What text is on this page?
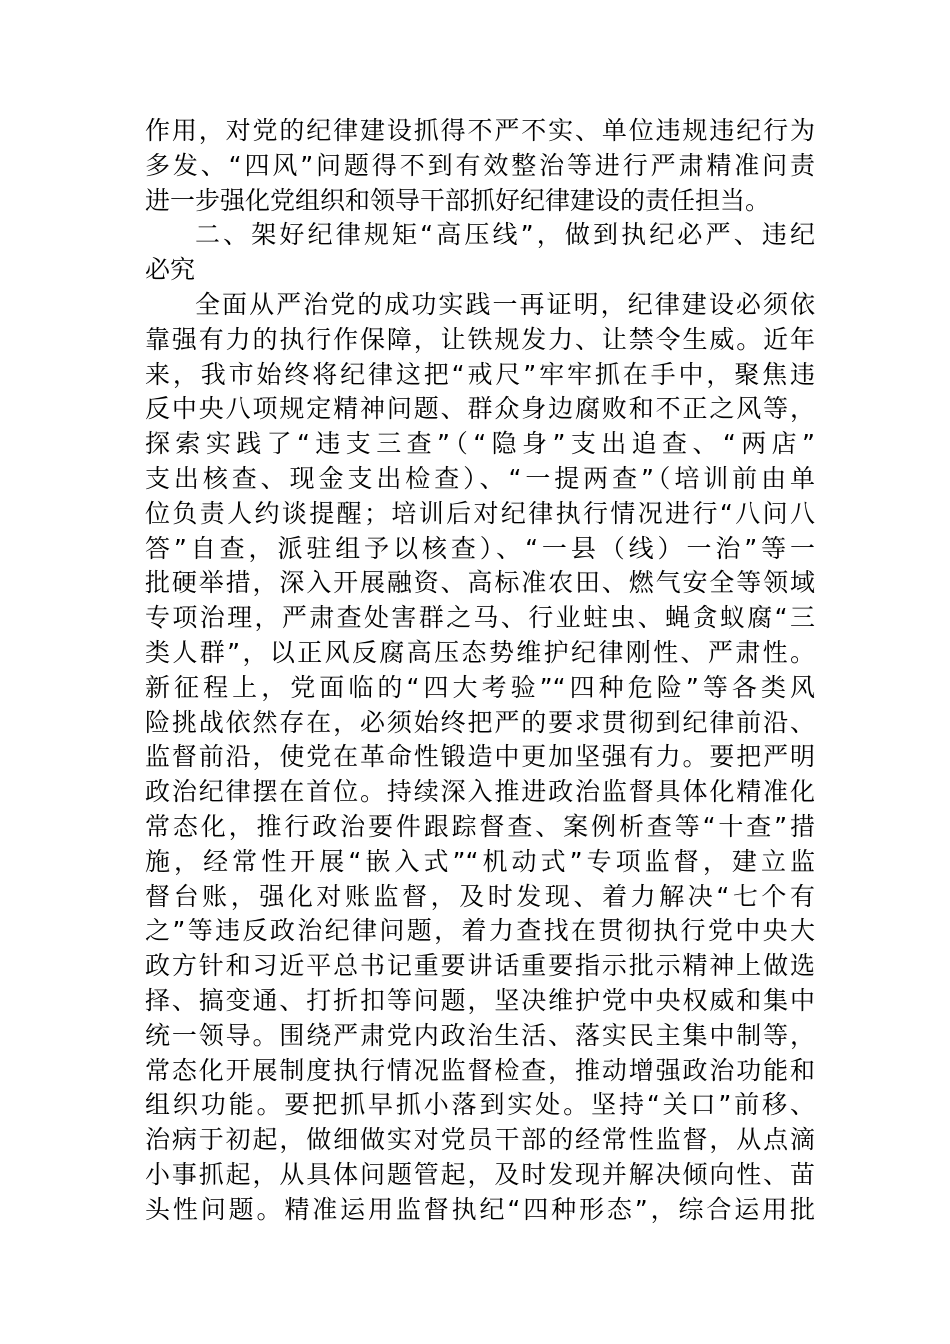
作用，对党的纪律建设抓得不严不实、单位违规违纪行为
多发、“四风”问题得不到有效整治等进行严肃精准问责
进一步强化党组织和领导干部抓好纪律建设的责任担当。
二、架好纪律规矩“高压线”，做到执纪必严、违纪
必究
全面从严治党的成功实践一再证明，纪律建设必须依
靠强有力的执行作保障，让铁规发力、让禁令生威。近年
来，我市始终将纪律这把“戒尺”牢牢抓在手中，聚焦违
反中央八项规定精神问题、群众身边腐败和不正之风等，
探索实践了“违支三查”（“隐身”支出追查、“两店”
支出核查、现金支出检查）、“一提两查”（培训前由单
位负责人约谈提醒；培训后对纪律执行情况进行“八问八
答”自查，派驻组予以核查）、“一县（线）一治”等一
批硬举措，深入开展融资、高标准农田、燃气安全等领域
专项治理，严肃查处害群之马、行业蛀虫、蝇贪蚁腐“三
类人群”，以正风反腐高压态势维护纪律刚性、严肃性。
新征程上，党面临的“四大考验”“四种危险”等各类风
险挑战依然存在，必须始终把严的要求贯彻到纪律前沿、
监督前沿，使党在革命性锻造中更加坚强有力。要把严明
政治纪律摆在首位。持续深入推进政治监督具体化精准化
常态化，推行政治要件跟踪督查、案例析查等“十查”措
施，经常性开展“嵌入式”“机动式”专项监督，建立监
督台账，强化对账监督，及时发现、着力解决“七个有
之”等违反政治纪律问题，着力查找在贯彻执行党中央大
政方针和习近平总书记重要讲话重要指示批示精神上做选
择、搞变通、打折扣等问题，坚决维护党中央权威和集中
统一领导。围绕严肃党内政治生活、落实民主集中制等，
常态化开展制度执行情况监督检查，推动增强政治功能和
组织功能。要把抓早抓小落到实处。坚持“关口”前移、
治病于初起，做细做实对党员干部的经常性监督，从点滴
小事抓起，从具体问题管起，及时发现并解决倾向性、苗
头性问题。精准运用监督执纪“四种形态”，综合运用批
